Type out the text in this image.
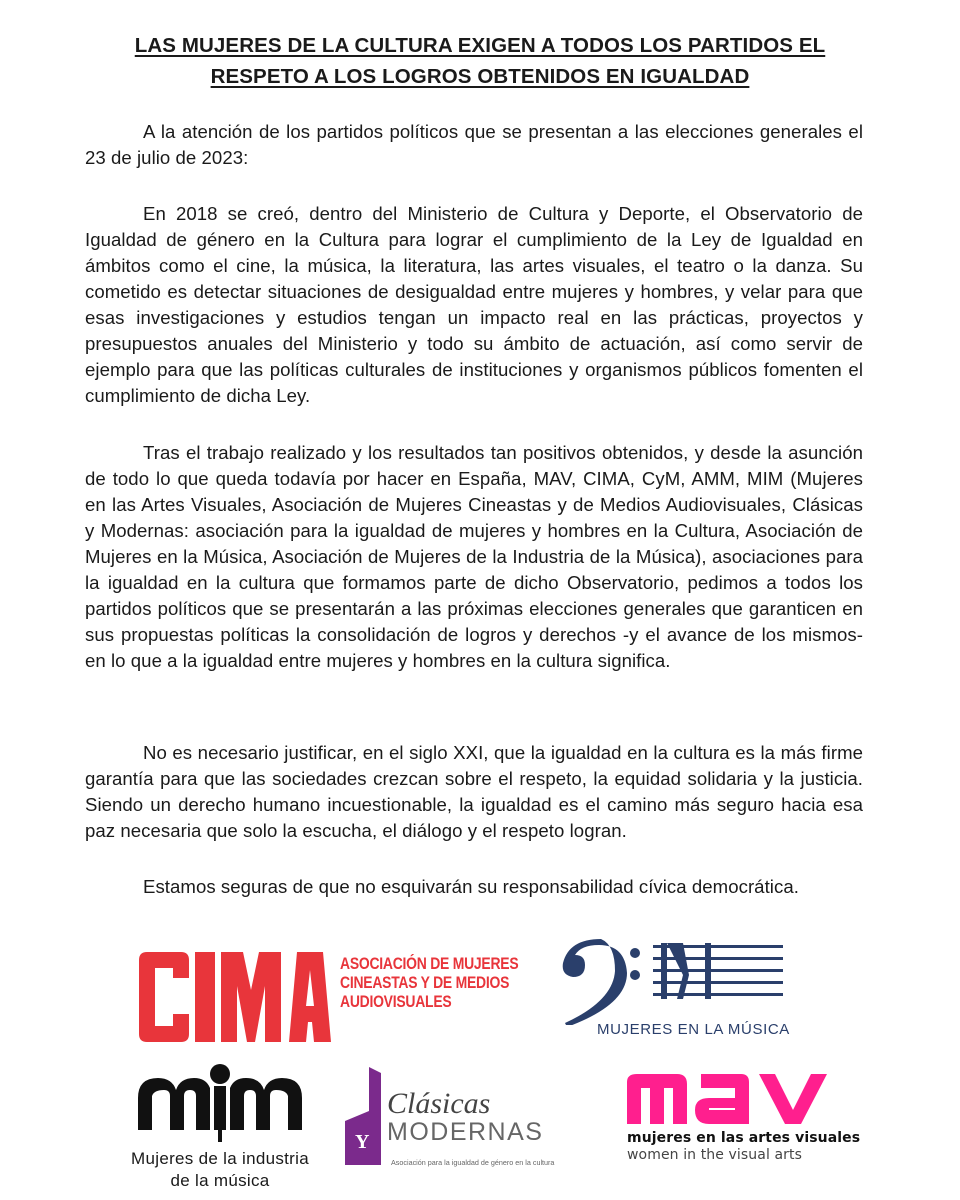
LAS MUJERES DE LA CULTURA EXIGEN A TODOS LOS PARTIDOS EL
RESPETO A LOS LOGROS OBTENIDOS EN IGUALDAD

A la atención de los partidos políticos que se presentan a las elecciones generales el 23 de julio de 2023:

En 2018 se creó, dentro del Ministerio de Cultura y Deporte, el Observatorio de Igualdad de género en la Cultura para lograr el cumplimiento de la Ley de Igualdad en ámbitos como el cine, la música, la literatura, las artes visuales, el teatro o la danza. Su cometido es detectar situaciones de desigualdad entre mujeres y hombres, y velar para que esas investigaciones y estudios tengan un impacto real en las prácticas, proyectos y presupuestos anuales del Ministerio y todo su ámbito de actuación, así como servir de ejemplo para que las políticas culturales de instituciones y organismos públicos fomenten el cumplimiento de dicha Ley.

Tras el trabajo realizado y los resultados tan positivos obtenidos, y desde la asunción de todo lo que queda todavía por hacer en España, MAV, CIMA, CyM, AMM, MIM (Mujeres en las Artes Visuales, Asociación de Mujeres Cineastas y de Medios Audiovisuales, Clásicas y Modernas: asociación para la igualdad de mujeres y hombres en la Cultura, Asociación de Mujeres en la Música, Asociación de Mujeres de la Industria de la Música), asociaciones para la igualdad en la cultura que formamos parte de dicho Observatorio, pedimos a todos los partidos políticos que se presentarán a las próximas elecciones generales que garanticen en sus propuestas políticas la consolidación de logros y derechos -y el avance de los mismos- en lo que a la igualdad entre mujeres y hombres en la cultura significa.

No es necesario justificar, en el siglo XXI, que la igualdad en la cultura es la más firme garantía para que las sociedades crezcan sobre el respeto, la equidad solidaria y la justicia. Siendo un derecho humano incuestionable, la igualdad es el camino más seguro hacia esa paz necesaria que solo la escucha, el diálogo y el respeto logran.

Estamos seguras de que no esquivarán su responsabilidad cívica democrática.

ASOCIACIÓN DE MUJERES
CINEASTAS Y DE MEDIOS
AUDIOVISUALES
MUJERES EN LA MÚSICA
Mujeres de la industria
de la música
Y
Clásicas
MODERNAS
Asociación para la igualdad de género en la cultura
mujeres en las artes visuales
women in the visual arts
